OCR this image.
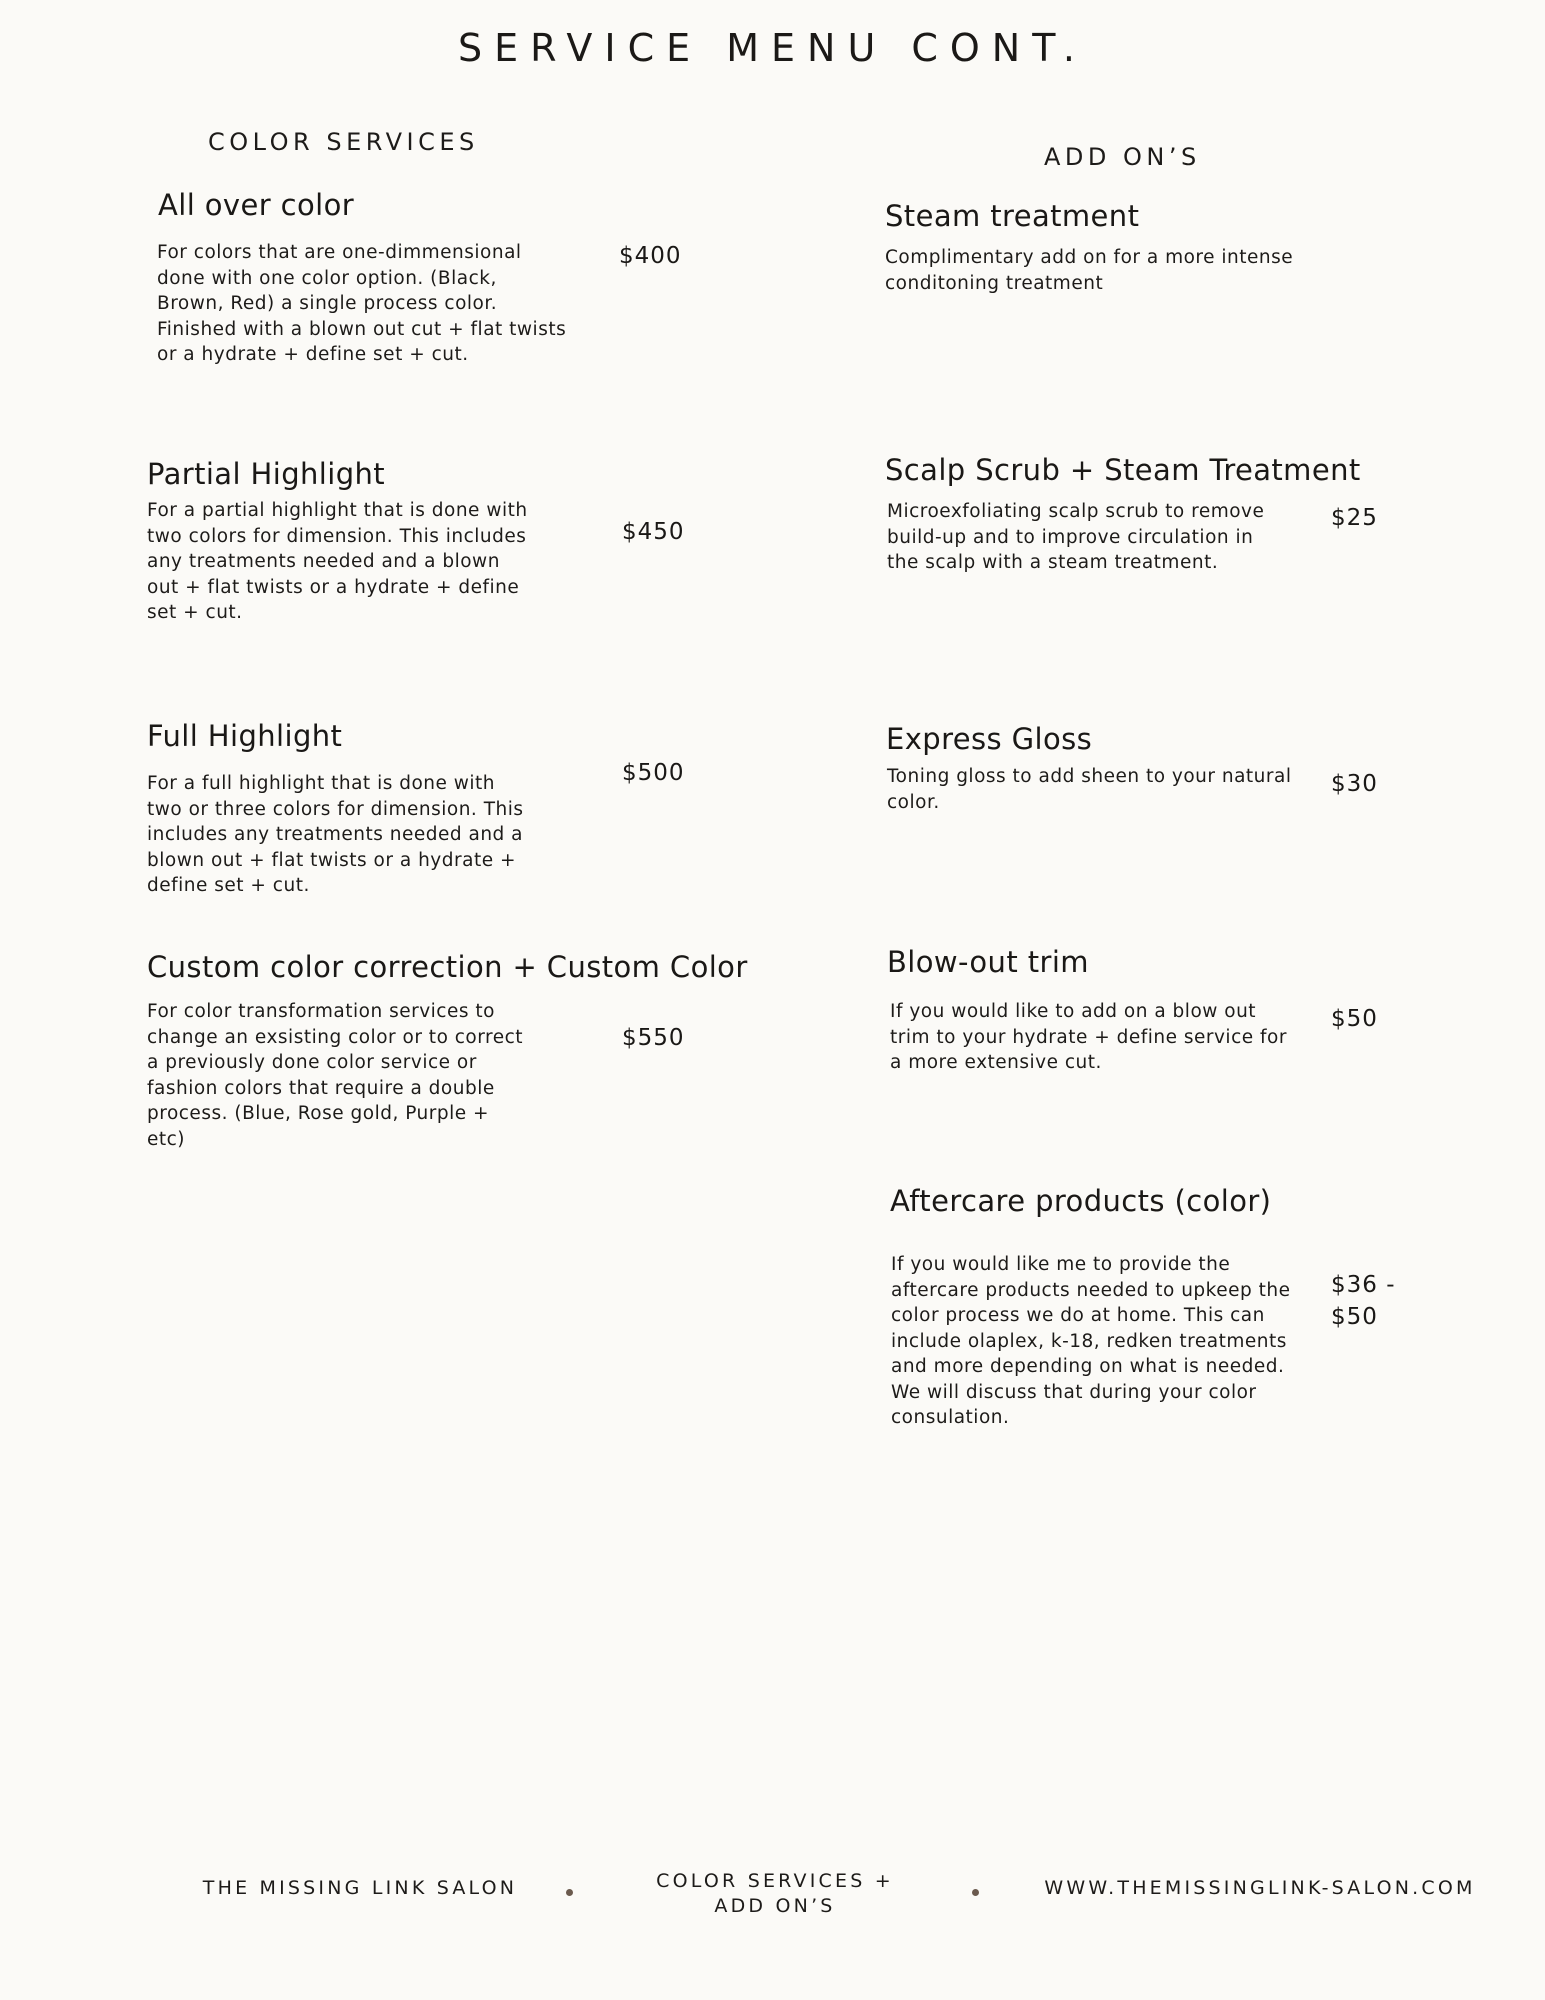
SERVICE MENU CONT.
COLOR SERVICES
All over color
For colors that are one-dimmensional done with one color option. (Black, Brown, Red) a single process color. Finished with a blown out cut + flat twists or a hydrate + define set + cut.
$400
Partial Highlight
For a partial highlight that is done with two colors for dimension. This includes any treatments needed and a blown out + flat twists or a hydrate + define set + cut.
$450
Full Highlight
For a full highlight that is done with two or three colors for dimension. This includes any treatments needed and a blown out + flat twists or a hydrate + define set + cut.
$500
Custom color correction + Custom Color
For color transformation services to change an exsisting color or to correct a previously done color service or fashion colors that require a double process. (Blue, Rose gold, Purple + etc)
$550
ADD ON’S
Steam treatment
Complimentary add on for a more intense conditoning treatment
Scalp Scrub + Steam Treatment
Microexfoliating scalp scrub to remove build-up and to improve circulation in the scalp with a steam treatment.
$25
Express Gloss
Toning gloss to add sheen to your natural color.
$30
Blow-out trim
If you would like to add on a blow out trim to your hydrate + define service for a more extensive cut.
$50
Aftercare products (color)
If you would like me to provide the aftercare products needed to upkeep the color process we do at home. This can include olaplex, k-18, redken treatments and more depending on what is needed. We will discuss that during your color consulation.
$36 - $50
THE MISSING LINK SALON	COLOR SERVICES + ADD ON’S
WWW.THEMISSINGLINK-SALON.COM
